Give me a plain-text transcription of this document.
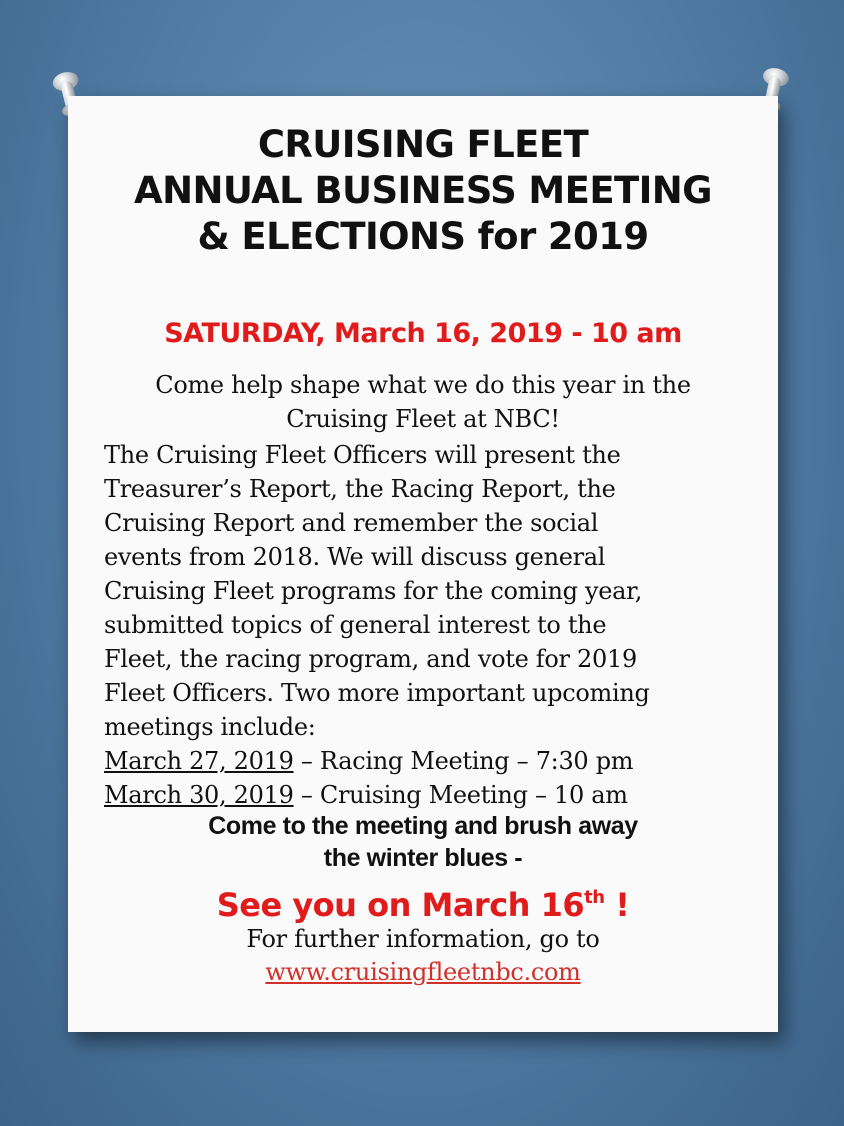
CRUISING FLEET
ANNUAL BUSINESS MEETING
& ELECTIONS for 2019
SATURDAY, March 16, 2019 - 10 am
Come help shape what we do this year in the
Cruising Fleet at NBC!
The Cruising Fleet Officers will present the
Treasurer’s Report, the Racing Report, the
Cruising Report and remember the social
events from 2018. We will discuss general
Cruising Fleet programs for the coming year,
submitted topics of general interest to the
Fleet, the racing program, and vote for 2019
Fleet Officers. Two more important upcoming
meetings include:
March 27, 2019 – Racing Meeting – 7:30 pm
March 30, 2019 – Cruising Meeting – 10 am
Come to the meeting and brush away
the winter blues -
See you on March 16th !
For further information, go to
www.cruisingfleetnbc.com
